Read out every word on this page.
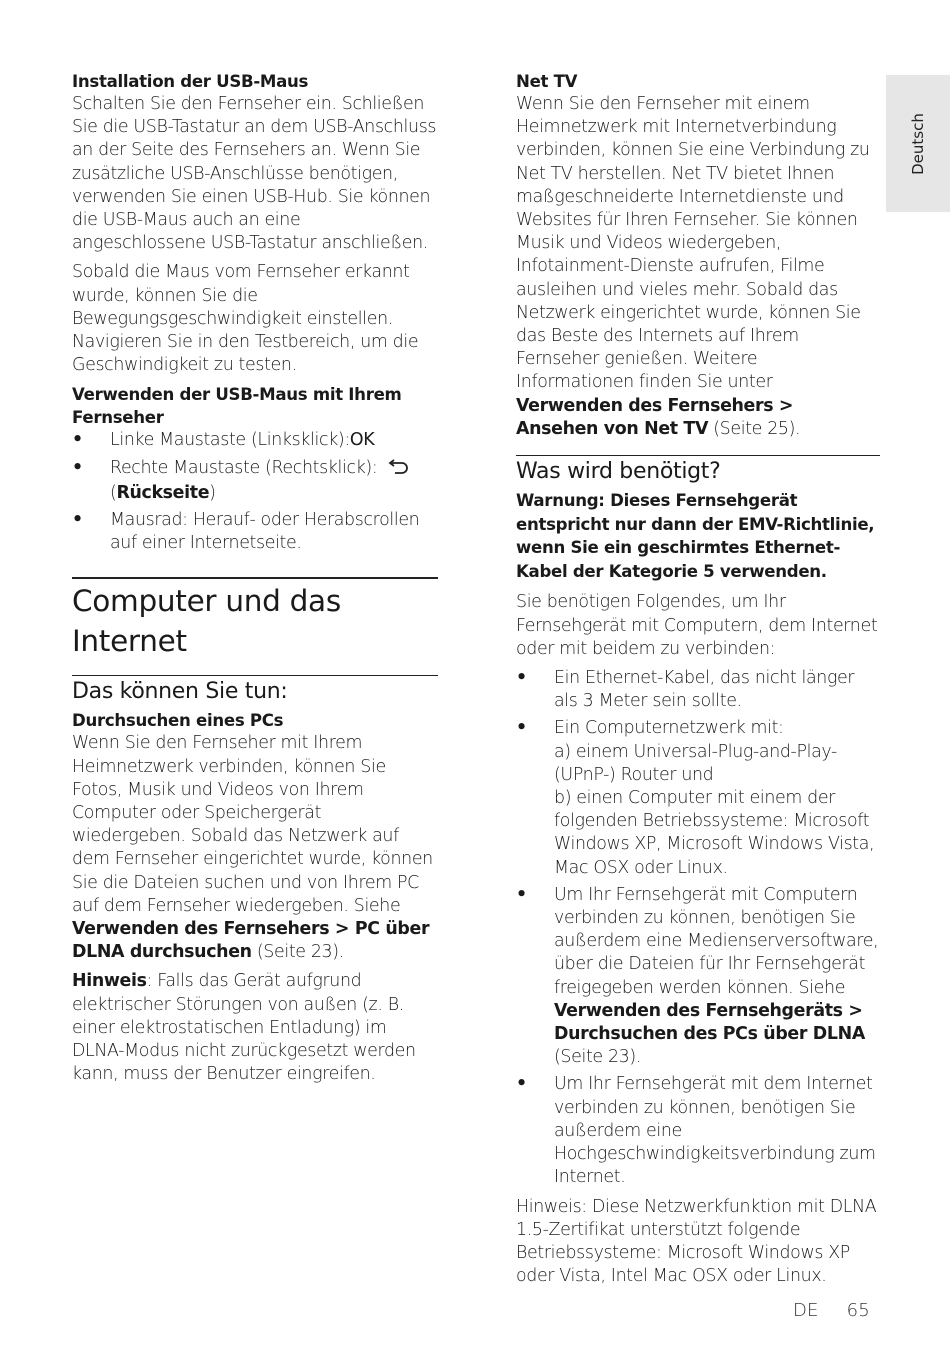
Deutsch
Installation der USB-Maus

Schalten Sie den Fernseher ein. Schließen Sie die USB-Tastatur an dem USB-Anschluss an der Seite des Fernsehers an. Wenn Sie zusätzliche USB-Anschlüsse benötigen, verwenden Sie einen USB-Hub. Sie können die USB-Maus auch an eine angeschlossene USB-Tastatur anschließen.

Sobald die Maus vom Fernseher erkannt wurde, können Sie die Bewegungsgeschwindigkeit einstellen. Navigieren Sie in den Testbereich, um die Geschwindigkeit zu testen.

Verwenden der USB-Maus mit Ihrem Fernseher
• Linke Maustaste (Linksklick):OK
• Rechte Maustaste (Rechtsklick):
(Rückseite)
• Mausrad: Herauf- oder Herabscrollen auf einer Internetseite.
Computer und das Internet
Das können Sie tun:
Durchsuchen eines PCs

Wenn Sie den Fernseher mit Ihrem Heimnetzwerk verbinden, können Sie Fotos, Musik und Videos von Ihrem Computer oder Speichergerät wiedergeben. Sobald das Netzwerk auf dem Fernseher eingerichtet wurde, können Sie die Dateien suchen und von Ihrem PC auf dem Fernseher wiedergeben. Siehe Verwenden des Fernsehers > PC über DLNA durchsuchen (Seite 23).

Hinweis: Falls das Gerät aufgrund elektrischer Störungen von außen (z. B. einer elektrostatischen Entladung) im DLNA-Modus nicht zurückgesetzt werden kann, muss der Benutzer eingreifen.

Net TV

Wenn Sie den Fernseher mit einem Heimnetzwerk mit Internetverbindung verbinden, können Sie eine Verbindung zu Net TV herstellen. Net TV bietet Ihnen maßgeschneiderte Internetdienste und Websites für Ihren Fernseher. Sie können Musik und Videos wiedergeben, Infotainment-Dienste aufrufen, Filme ausleihen und vieles mehr. Sobald das Netzwerk eingerichtet wurde, können Sie das Beste des Internets auf Ihrem Fernseher genießen. Weitere Informationen finden Sie unter Verwenden des Fernsehers > Ansehen von Net TV (Seite 25).

Was wird benötigt?
Warnung: Dieses Fernsehgerät entspricht nur dann der EMV-Richtlinie, wenn Sie ein geschirmtes Ethernet-Kabel der Kategorie 5 verwenden.

Sie benötigen Folgendes, um Ihr Fernsehgerät mit Computern, dem Internet oder mit beidem zu verbinden:

• Ein Ethernet-Kabel, das nicht länger als 3 Meter sein sollte.
• Ein Computernetzwerk mit:
a) einem Universal-Plug-and-Play-(UPnP-) Router und
b) einen Computer mit einem der folgenden Betriebssysteme: Microsoft Windows XP, Microsoft Windows Vista, Mac OSX oder Linux.
• Um Ihr Fernsehgerät mit Computern verbinden zu können, benötigen Sie außerdem eine Medienserversoftware, über die Dateien für Ihr Fernsehgerät freigegeben werden können. Siehe Verwenden des Fernsehgeräts > Durchsuchen des PCs über DLNA (Seite 23).
• Um Ihr Fernsehgerät mit dem Internet verbinden zu können, benötigen Sie außerdem eine Hochgeschwindigkeitsverbindung zum Internet.

Hinweis: Diese Netzwerkfunktion mit DLNA 1.5-Zertifikat unterstützt folgende Betriebssysteme: Microsoft Windows XP oder Vista, Intel Mac OSX oder Linux.

DE 65
